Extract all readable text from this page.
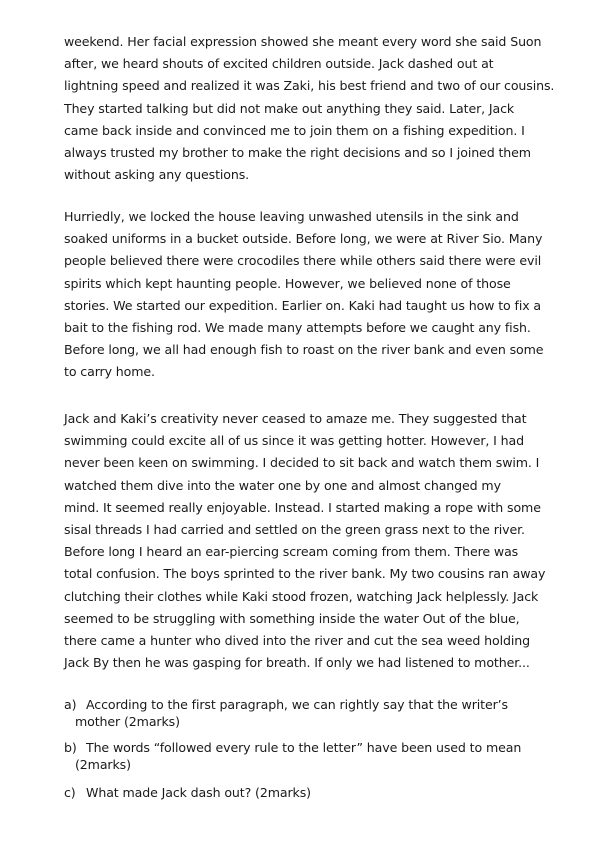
weekend. Her facial expression showed she meant every word she said Suon
after, we heard shouts of excited children outside. Jack dashed out at
lightning speed and realized it was Zaki, his best friend and two of our cousins.
They started talking but did not make out anything they said. Later, Jack
came back inside and convinced me to join them on a fishing expedition. I
always trusted my brother to make the right decisions and so I joined them
without asking any questions.

Hurriedly, we locked the house leaving unwashed utensils in the sink and
soaked uniforms in a bucket outside. Before long, we were at River Sio. Many
people believed there were crocodiles there while others said there were evil
spirits which kept haunting people. However, we believed none of those
stories. We started our expedition. Earlier on. Kaki had taught us how to fix a
bait to the fishing rod. We made many attempts before we caught any fish.
Before long, we all had enough fish to roast on the river bank and even some
to carry home.

Jack and Kaki’s creativity never ceased to amaze me. They suggested that
swimming could excite all of us since it was getting hotter. However, I had
never been keen on swimming. I decided to sit back and watch them swim. I
watched them dive into the water one by one and almost changed my
mind. It seemed really enjoyable. Instead. I started making a rope with some
sisal threads I had carried and settled on the green grass next to the river.
Before long I heard an ear-piercing scream coming from them. There was
total confusion. The boys sprinted to the river bank. My two cousins ran away
clutching their clothes while Kaki stood frozen, watching Jack helplessly. Jack
seemed to be struggling with something inside the water Out of the blue,
there came a hunter who dived into the river and cut the sea weed holding
Jack By then he was gasping for breath. If only we had listened to mother...

a) According to the first paragraph, we can rightly say that the writer’s
mother (2marks)
b) The words “followed every rule to the letter” have been used to mean
(2marks)
c) What made Jack dash out? (2marks)
